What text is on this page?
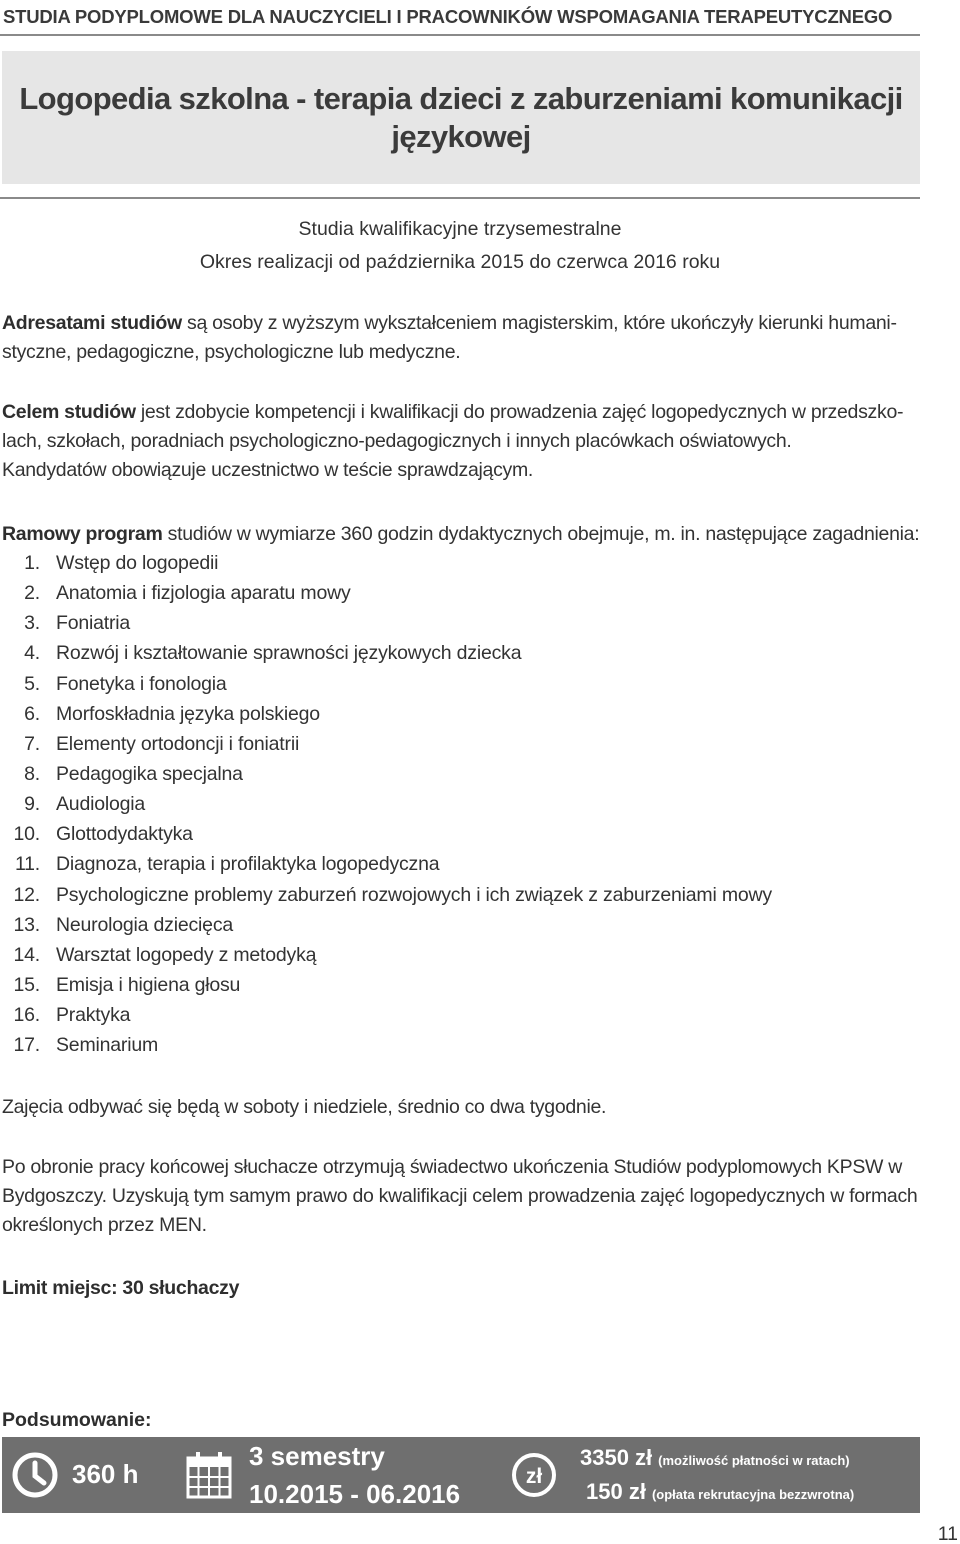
STUDIA PODYPLOMOWE DLA NAUCZYCIELI I PRACOWNIKÓW WSPOMAGANIA TERAPEUTYCZNEGO
Logopedia szkolna - terapia dzieci z zaburzeniami komunikacji
językowej
Studia kwalifikacyjne trzysemestralne
Okres realizacji od października 2015 do czerwca 2016 roku

Adresatami studiów są osoby z wyższym wykształceniem magisterskim, które ukończyły kierunki humani-
styczne, pedagogiczne, psychologiczne lub medyczne.

Celem studiów jest zdobycie kompetencji i kwalifikacji do prowadzenia zajęć logopedycznych w przedszko-
lach, szkołach, poradniach psychologiczno-pedagogicznych i innych placówkach oświatowych.
Kandydatów obowiązuje uczestnictwo w teście sprawdzającym.

Ramowy program studiów w wymiarze 360 godzin dydaktycznych obejmuje, m. in. następujące zagadnienia:

1. Wstęp do logopedii
2. Anatomia i fizjologia aparatu mowy
3. Foniatria
4. Rozwój i kształtowanie sprawności językowych dziecka
5. Fonetyka i fonologia
6. Morfoskładnia języka polskiego
7. Elementy ortodoncji i foniatrii
8. Pedagogika specjalna
9. Audiologia
10. Glottodydaktyka
11. Diagnoza, terapia i profilaktyka logopedyczna
12. Psychologiczne problemy zaburzeń rozwojowych i ich związek z zaburzeniami mowy
13. Neurologia dziecięca
14. Warsztat logopedy z metodyką
15. Emisja i higiena głosu
16. Praktyka
17. Seminarium

Zajęcia odbywać się będą w soboty i niedziele, średnio co dwa tygodnie.

Po obronie pracy końcowej słuchacze otrzymują świadectwo ukończenia Studiów podyplomowych KPSW w
Bydgoszczy. Uzyskują tym samym prawo do kwalifikacji celem prowadzenia zajęć logopedycznych w formach
określonych przez MEN.

Limit miejsc: 30 słuchaczy

Podsumowanie:
360 h
3 semestry
10.2015 - 06.2016
zł
3350 zł (możliwość płatności w ratach)
150 zł (opłata rekrutacyjna bezzwrotna)
11
